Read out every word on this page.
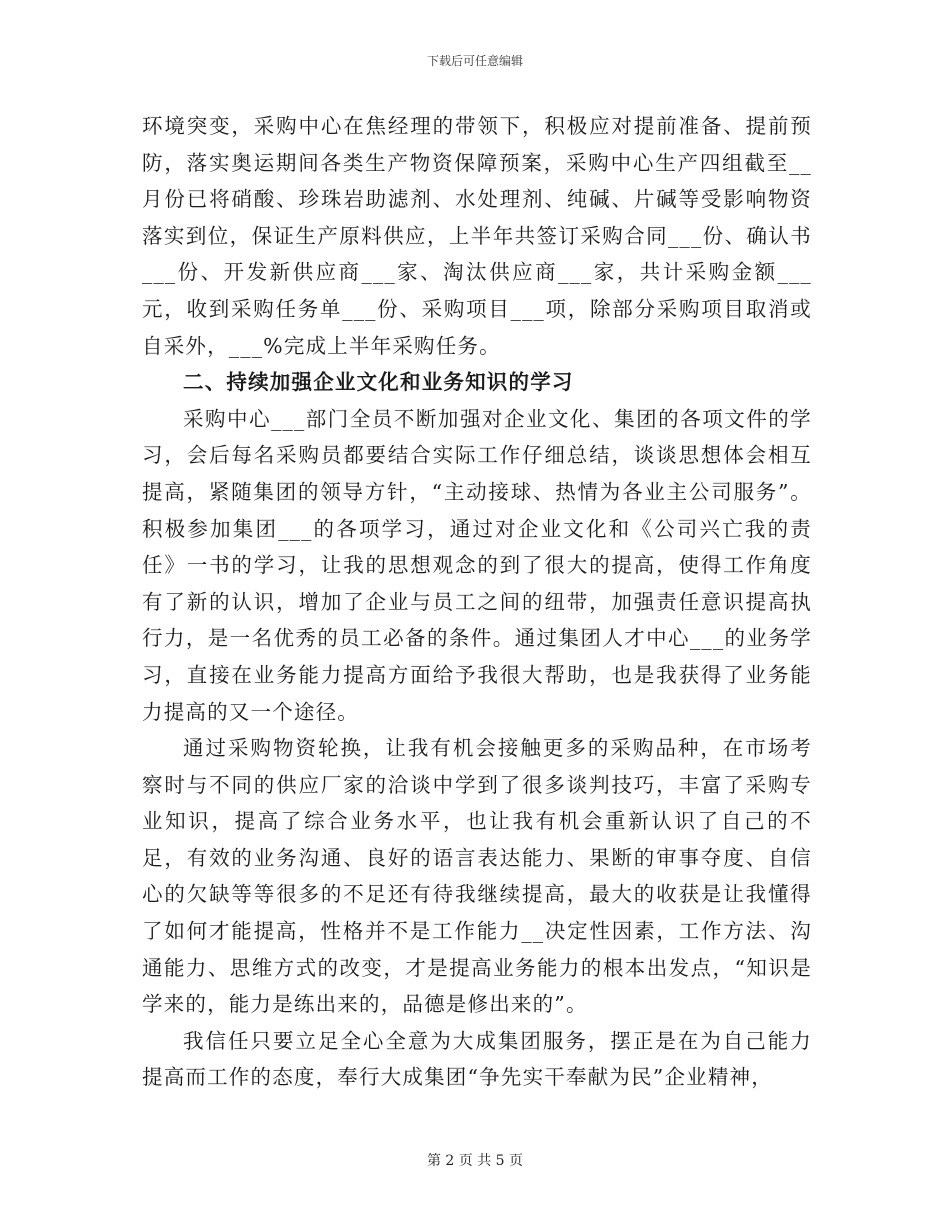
下载后可任意编辑

环境突变，采购中心在焦经理的带领下，积极应对提前准备、提前预防，落实奥运期间各类生产物资保障预案，采购中心生产四组截至__月份已将硝酸、珍珠岩助滤剂、水处理剂、纯碱、片碱等受影响物资落实到位，保证生产原料供应，上半年共签订采购合同___份、确认书___份、开发新供应商___家、淘汰供应商___家，共计采购金额___元，收到采购任务单___份、采购项目___项，除部分采购项目取消或自采外，___%完成上半年采购任务。

二、持续加强企业文化和业务知识的学习

采购中心___部门全员不断加强对企业文化、集团的各项文件的学习，会后每名采购员都要结合实际工作仔细总结，谈谈思想体会相互提高，紧随集团的领导方针，“主动接球、热情为各业主公司服务”。积极参加集团___的各项学习，通过对企业文化和《公司兴亡我的责任》一书的学习，让我的思想观念的到了很大的提高，使得工作角度有了新的认识，增加了企业与员工之间的纽带，加强责任意识提高执行力，是一名优秀的员工必备的条件。通过集团人才中心___的业务学习，直接在业务能力提高方面给予我很大帮助，也是我获得了业务能力提高的又一个途径。

通过采购物资轮换，让我有机会接触更多的采购品种，在市场考察时与不同的供应厂家的洽谈中学到了很多谈判技巧，丰富了采购专业知识，提高了综合业务水平，也让我有机会重新认识了自己的不足，有效的业务沟通、良好的语言表达能力、果断的审事夺度、自信心的欠缺等等很多的不足还有待我继续提高，最大的收获是让我懂得了如何才能提高，性格并不是工作能力__决定性因素，工作方法、沟通能力、思维方式的改变，才是提高业务能力的根本出发点，“知识是学来的，能力是练出来的，品德是修出来的”。

我信任只要立足全心全意为大成集团服务，摆正是在为自己能力提高而工作的态度，奉行大成集团“争先实干奉献为民”企业精神，

第 2 页 共 5 页
